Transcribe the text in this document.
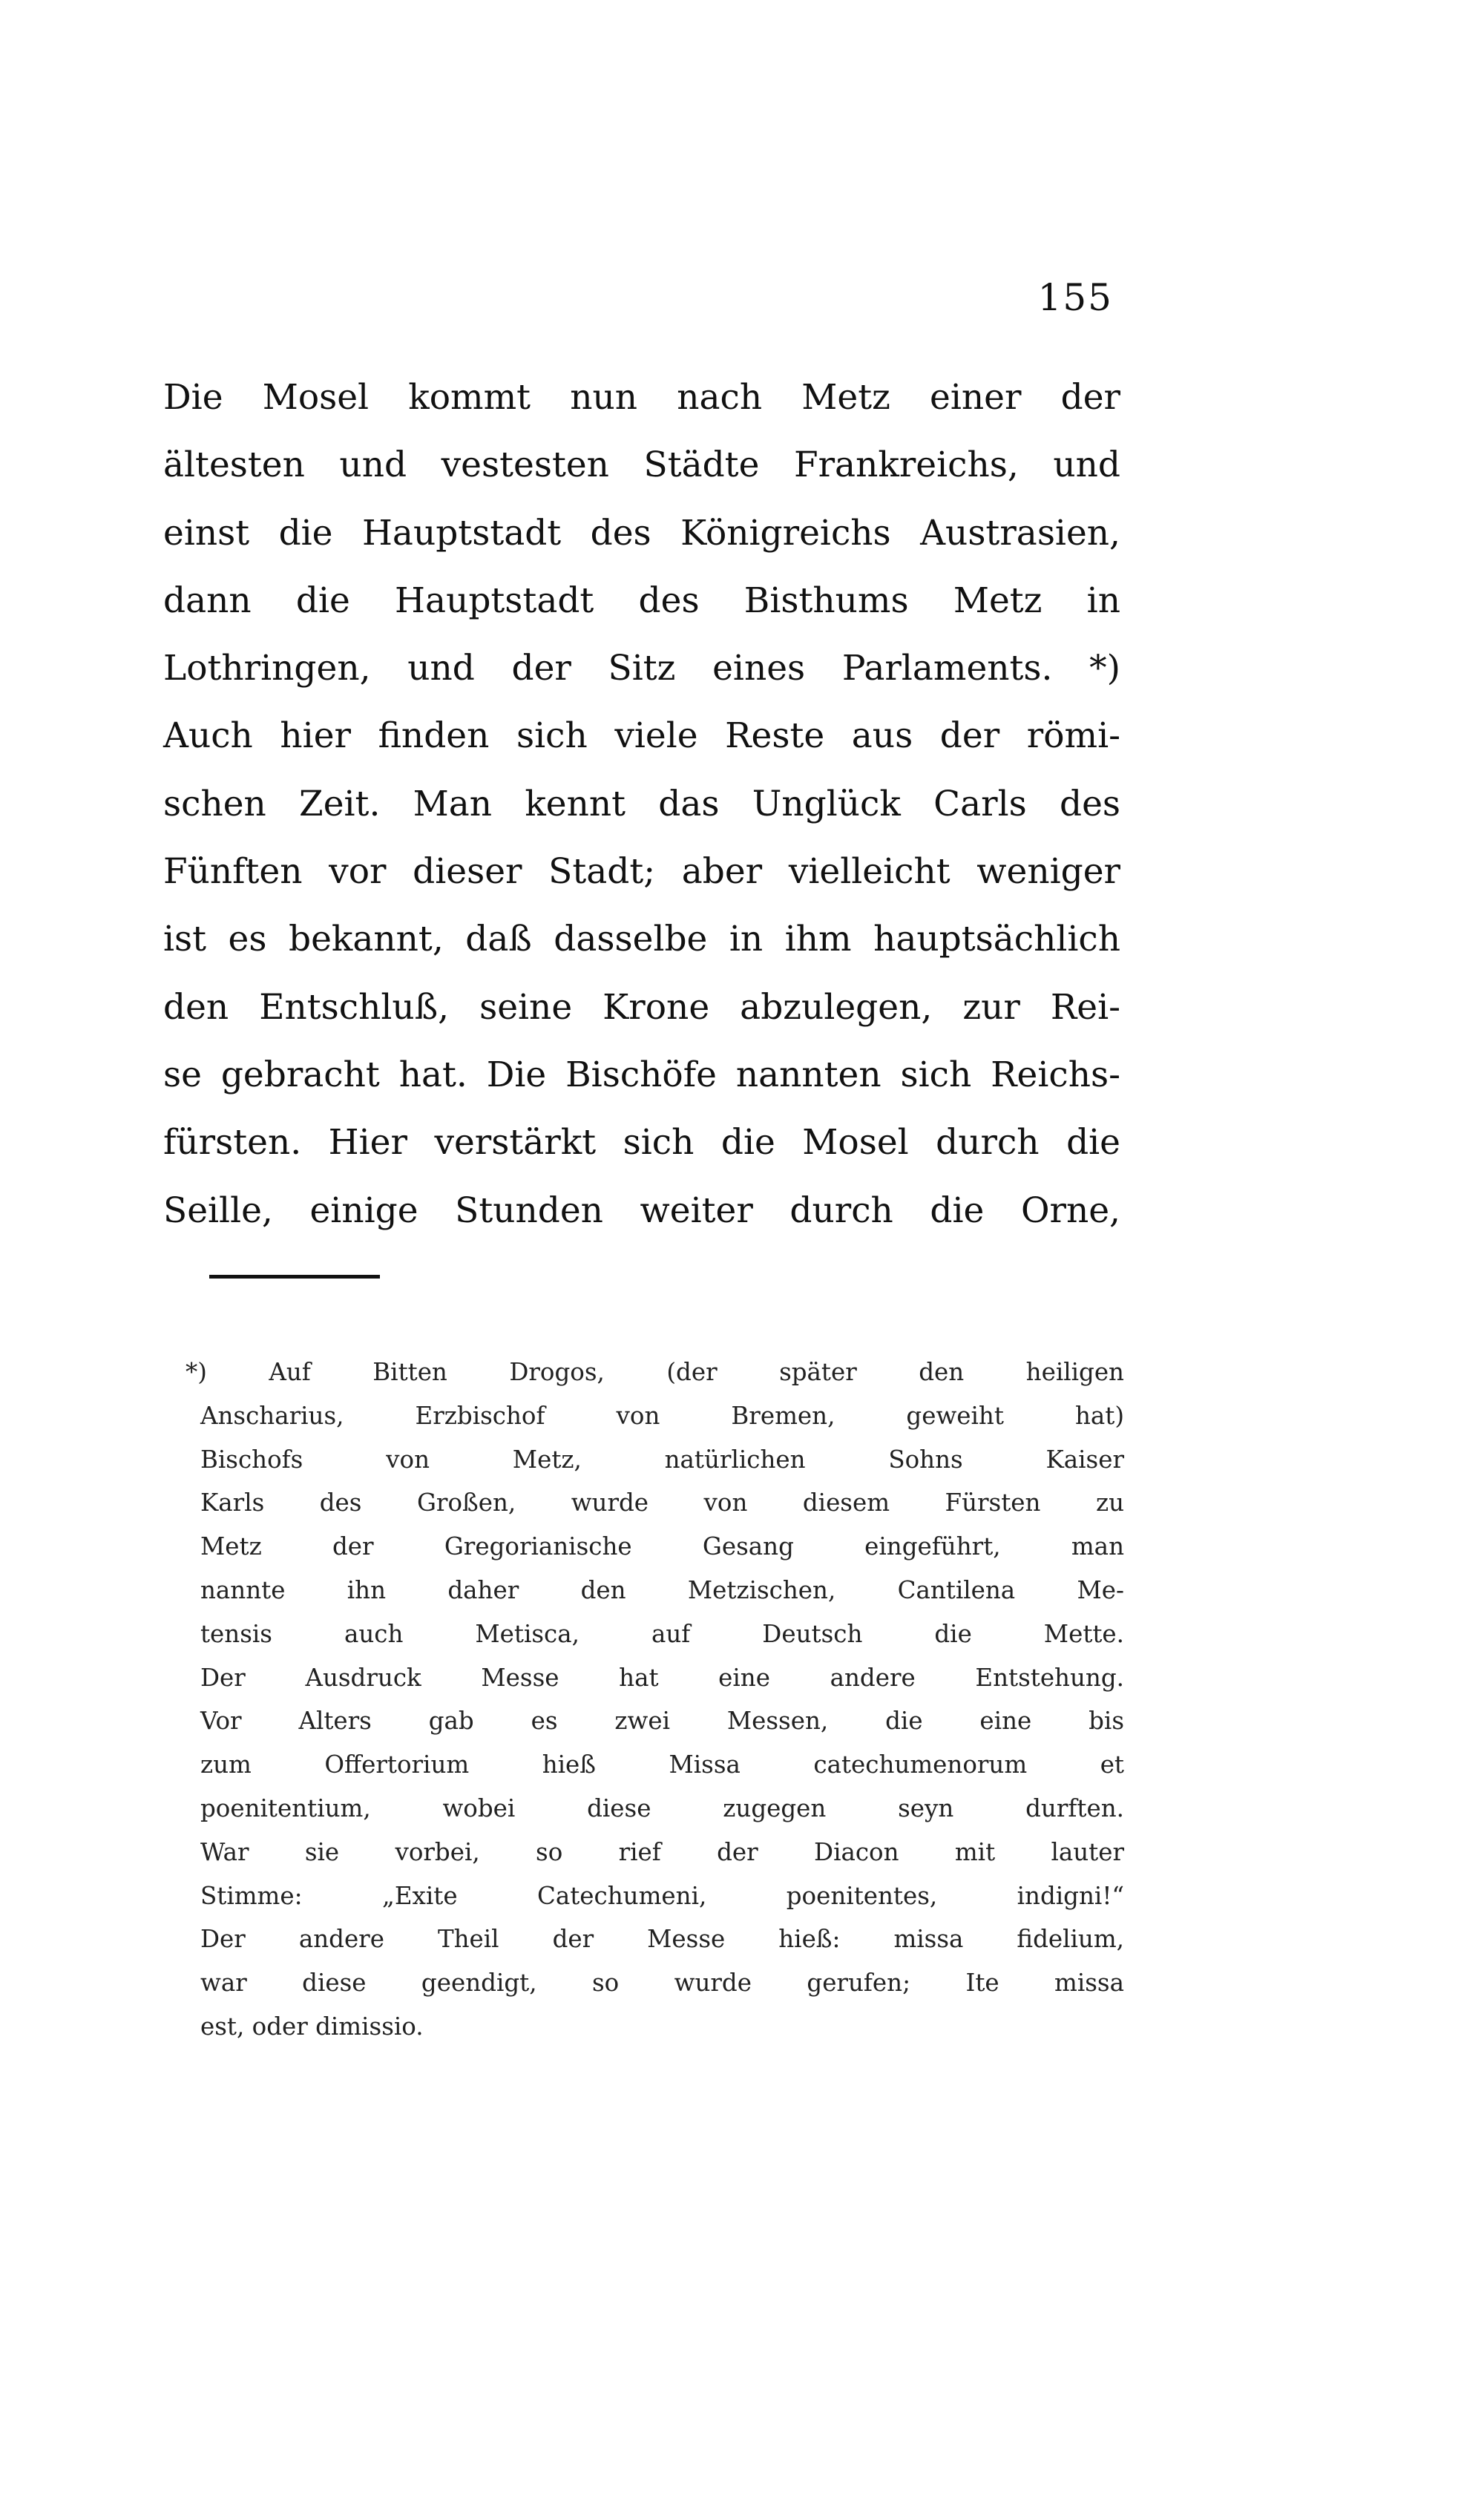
155
Die Mosel kommt nun nach Metz einer der
ältesten und vestesten Städte Frankreichs, und
einst die Hauptstadt des Königreichs Austrasien,
dann die Hauptstadt des Bisthums Metz in
Lothringen, und der Sitz eines Parlaments. *)
Auch hier finden sich viele Reste aus der römi-
schen Zeit. Man kennt das Unglück Carls des
Fünften vor dieser Stadt; aber vielleicht weniger
ist es bekannt, daß dasselbe in ihm hauptsächlich
den Entschluß, seine Krone abzulegen, zur Rei-
se gebracht hat. Die Bischöfe nannten sich Reichs-
fürsten. Hier verstärkt sich die Mosel durch die
Seille, einige Stunden weiter durch die Orne,
*) Auf Bitten Drogos, (der später den heiligen
Anscharius, Erzbischof von Bremen, geweiht hat)
Bischofs von Metz, natürlichen Sohns Kaiser
Karls des Großen, wurde von diesem Fürsten zu
Metz der Gregorianische Gesang eingeführt, man
nannte ihn daher den Metzischen, Cantilena Me-
tensis auch Metisca, auf Deutsch die Mette.
Der Ausdruck Messe hat eine andere Entstehung.
Vor Alters gab es zwei Messen, die eine bis
zum Offertorium hieß Missa catechumenorum et
poenitentium, wobei diese zugegen seyn durften.
War sie vorbei, so rief der Diacon mit lauter
Stimme: „Exite Catechumeni, poenitentes, indigni!“
Der andere Theil der Messe hieß: missa fidelium,
war diese geendigt, so wurde gerufen; Ite missa
est, oder dimissio.
